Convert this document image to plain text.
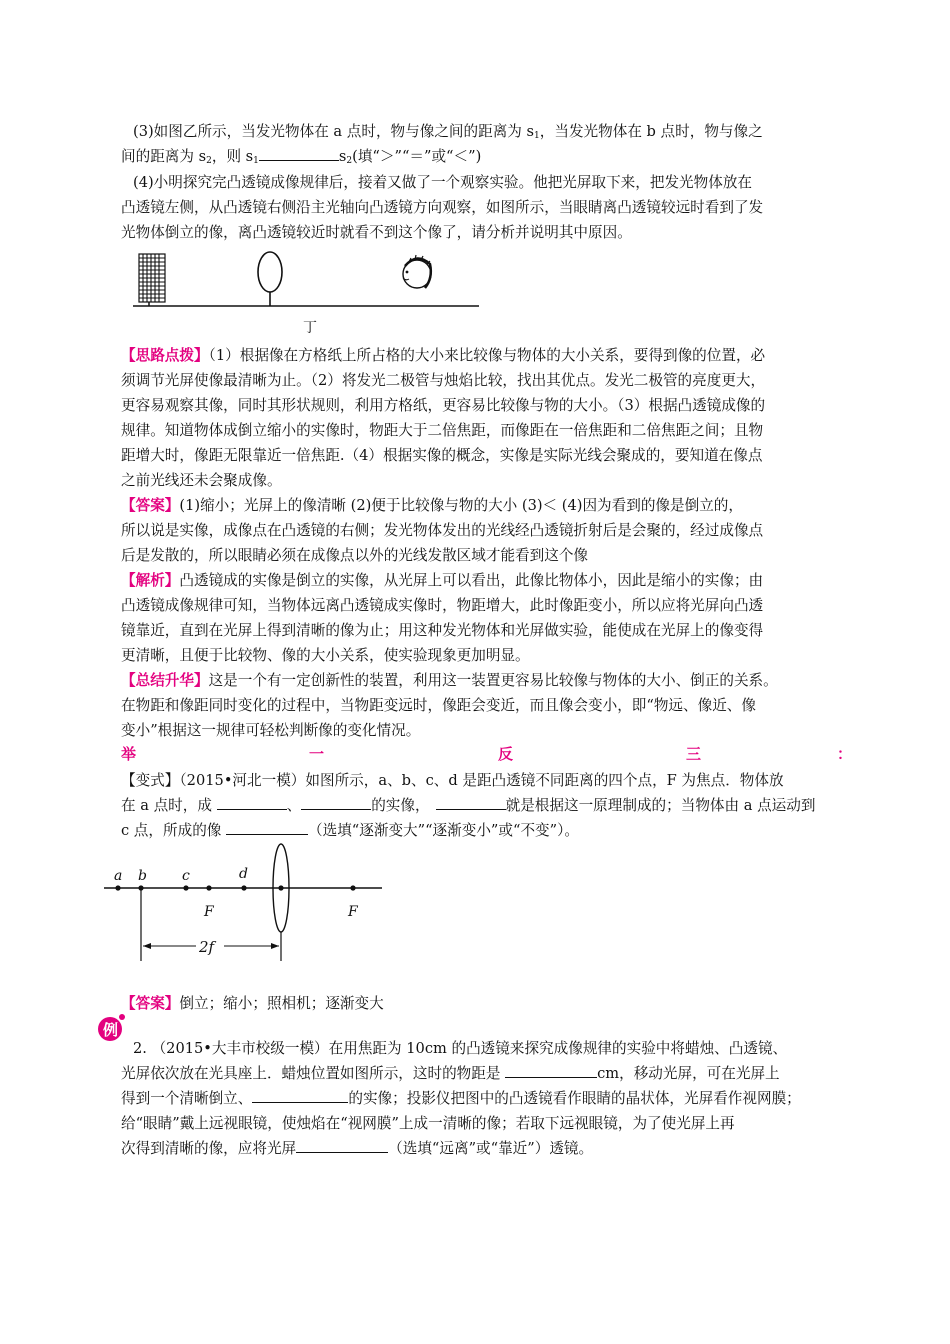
(3)如图乙所示，当发光物体在 a 点时，物与像之间的距离为 $s_1$，当发光物体在 b 点时，物与像之
间的距离为 $s_2$，则 $s_1$	$s_2$(填“＞”“＝”或“＜”)
(4)小明探究完凸透镜成像规律后，接着又做了一个观察实验。他把光屏取下来，把发光物体放在
凸透镜左侧，从凸透镜右侧沿主光轴向凸透镜方向观察，如图所示，当眼睛离凸透镜较远时看到了发
光物体倒立的像，离凸透镜较近时就看不到这个像了，请分析并说明其中原因。
丁
【思路点拨】（1）根据像在方格纸上所占格的大小来比较像与物体的大小关系，要得到像的位置，必
须调节光屏使像最清晰为止。（2）将发光二极管与烛焰比较，找出其优点。发光二极管的亮度更大，
更容易观察其像，同时其形状规则，利用方格纸，更容易比较像与物的大小。（3）根据凸透镜成像的
规律。知道物体成倒立缩小的实像时，物距大于二倍焦距，而像距在一倍焦距和二倍焦距之间；且物
距增大时，像距无限靠近一倍焦距.（4）根据实像的概念，实像是实际光线会聚成的，要知道在像点
之前光线还未会聚成像。
【答案】(1)缩小；光屏上的像清晰 (2)便于比较像与物的大小 (3)＜ (4)因为看到的像是倒立的，
所以说是实像，成像点在凸透镜的右侧；发光物体发出的光线经凸透镜折射后是会聚的，经过成像点
后是发散的，所以眼睛必须在成像点以外的光线发散区域才能看到这个像
【解析】凸透镜成的实像是倒立的实像，从光屏上可以看出，此像比物体小，因此是缩小的实像；由
凸透镜成像规律可知，当物体远离凸透镜成实像时，物距增大，此时像距变小，所以应将光屏向凸透
镜靠近，直到在光屏上得到清晰的像为止；用这种发光物体和光屏做实验，能使成在光屏上的像变得
更清晰，且便于比较物、像的大小关系，使实验现象更加明显。
【总结升华】这是一个有一定创新性的装置，利用这一装置更容易比较像与物体的大小、倒正的关系。
在物距和像距同时变化的过程中，当物距变远时，像距会变近，而且像会变小，即“物远、像近、像
变小”根据这一规律可轻松判断像的变化情况。
举	一	反	三	：
【变式】（2015•河北一模）如图所示，a、b、c、d 是距凸透镜不同距离的四个点，F 为焦点．物体放
在 a 点时，成	、	的实像，	就是根据这一原理制成的；当物体由 a 点运动到
c 点，所成的像	（选填“逐渐变大”“逐渐变小”或“不变”）。
a b	c	d
F	F
2f
【答案】倒立；缩小；照相机；逐渐变大
例
2. （2015•大丰市校级一模）在用焦距为 10cm 的凸透镜来探究成像规律的实验中将蜡烛、凸透镜、
光屏依次放在光具座上．蜡烛位置如图所示，这时的物距是	cm，移动光屏，可在光屏上
得到一个清晰倒立、	的实像；投影仪把图中的凸透镜看作眼睛的晶状体，光屏看作视网膜；
给“眼睛”戴上远视眼镜，使烛焰在“视网膜”上成一清晰的像；若取下远视眼镜，为了使光屏上再
次得到清晰的像，应将光屏	（选填“远离”或“靠近”）透镜。
